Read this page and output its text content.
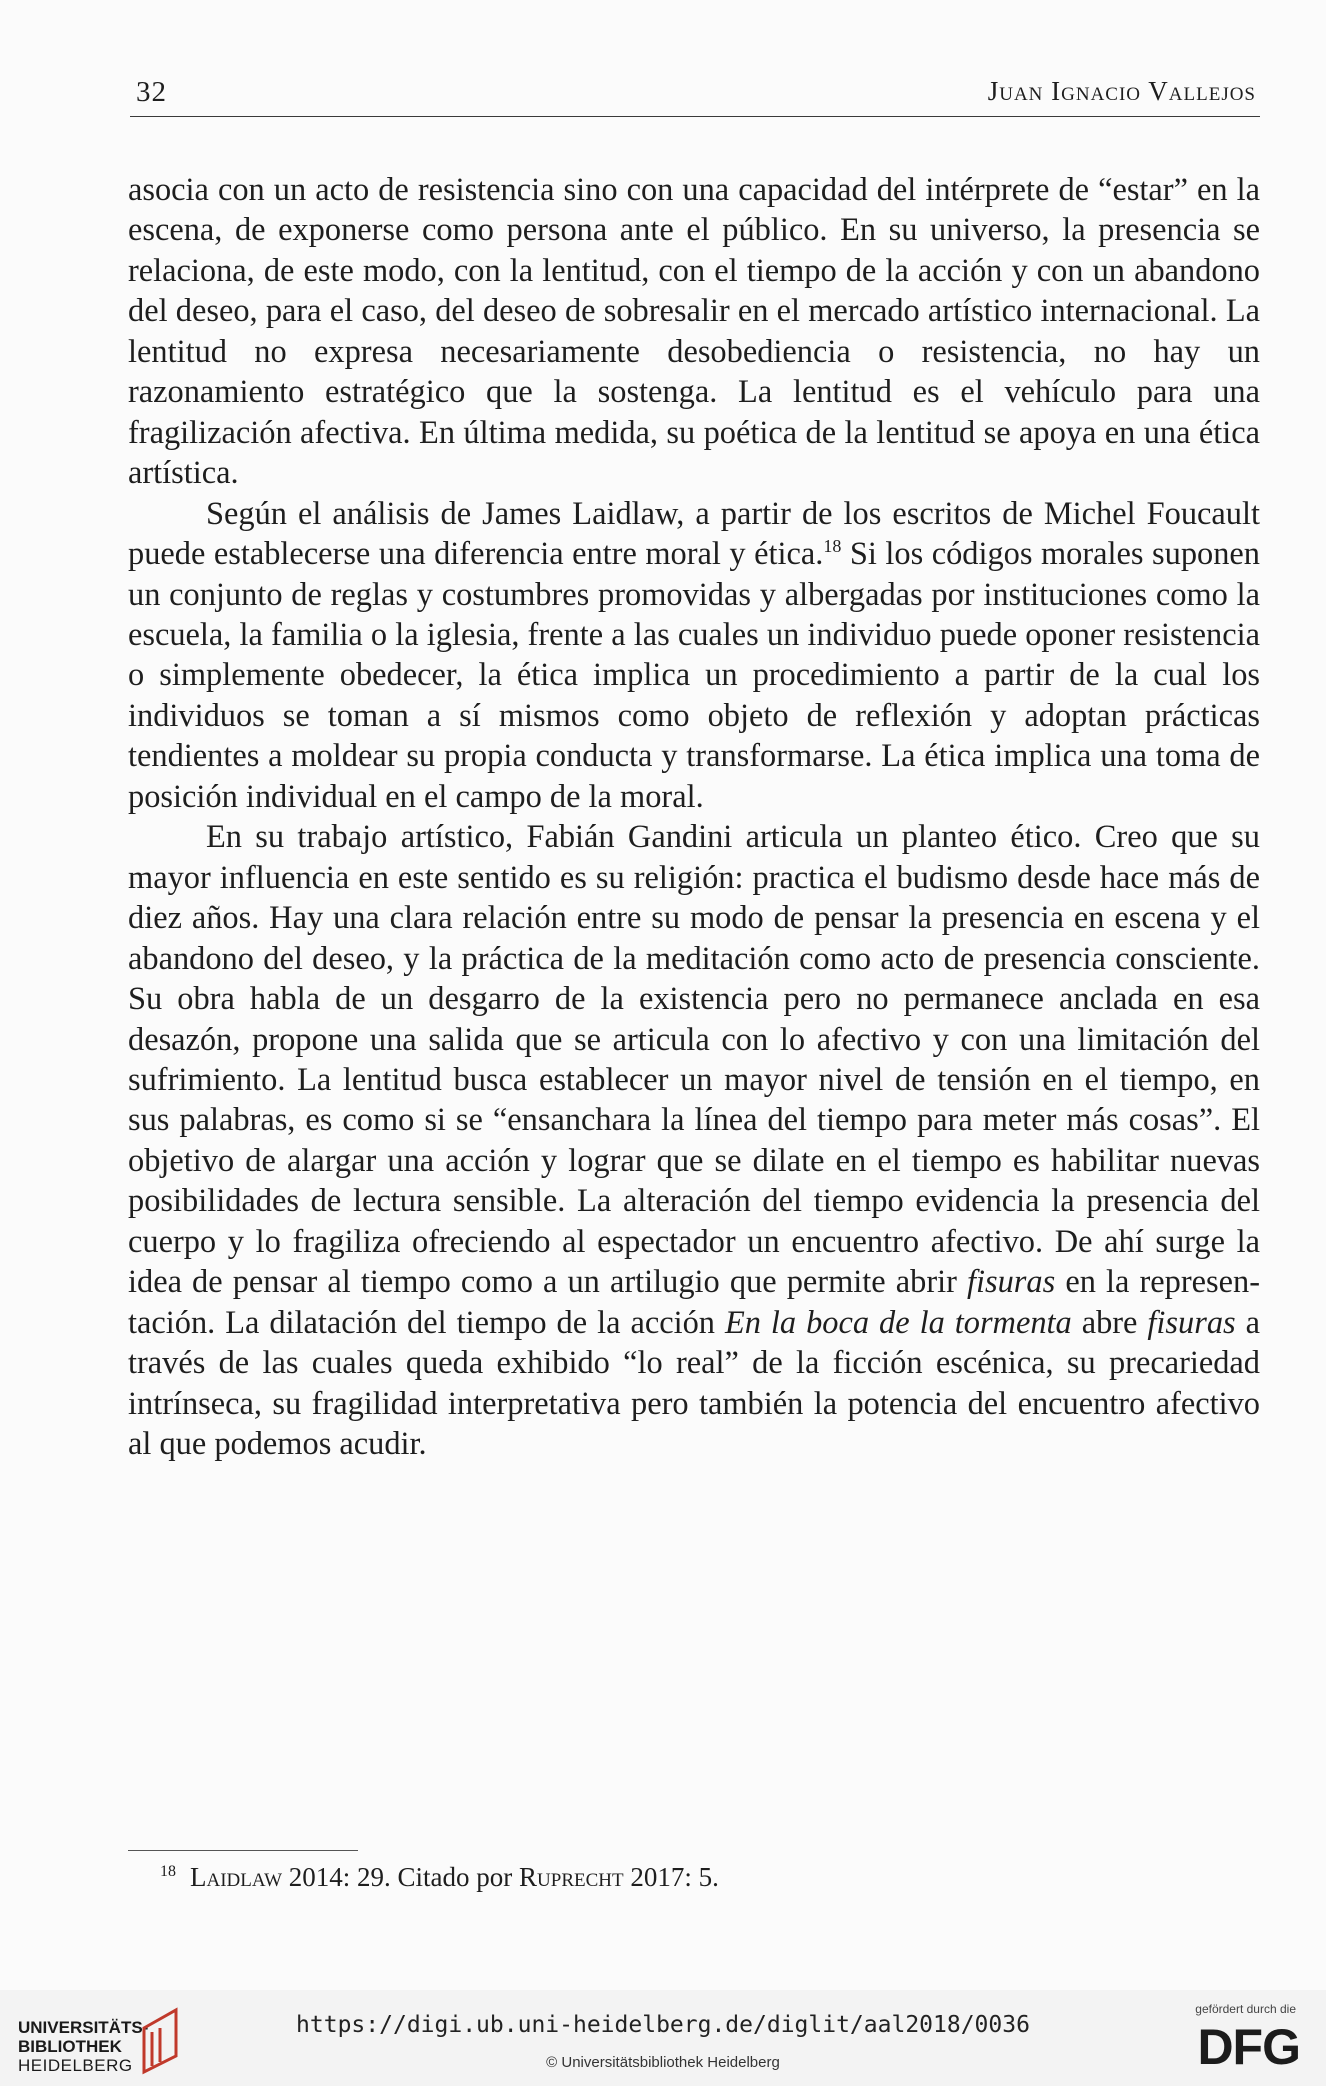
32	Juan Ignacio Vallejos

asocia con un acto de resistencia sino con una capacidad del intérprete de “estar” en la escena, de exponerse como persona ante el público. En su universo, la presencia se relaciona, de este modo, con la lentitud, con el tiempo de la acción y con un abandono del deseo, para el caso, del deseo de sobresalir en el mercado artístico internacional. La lentitud no expresa necesariamente desobediencia o resistencia, no hay un razonamiento estratégico que la sostenga. La lentitud es el vehículo para una fragilización afectiva. En última medida, su poética de la lentitud se apoya en una ética artística.

Según el análisis de James Laidlaw, a partir de los escritos de Michel Foucault puede establecerse una diferencia entre moral y ética.$^{18}$ Si los códigos morales suponen un conjunto de reglas y costumbres promovidas y albergadas por instituciones como la escuela, la familia o la iglesia, frente a las cuales un individuo puede oponer resistencia o simplemente obedecer, la ética implica un procedimiento a partir de la cual los individuos se toman a sí mismos como objeto de reflexión y adoptan prácticas tendientes a moldear su propia conducta y transformarse. La ética implica una toma de posición individual en el campo de la moral.

En su trabajo artístico, Fabián Gandini articula un planteo ético. Creo que su mayor influencia en este sentido es su religión: practica el budismo desde hace más de diez años. Hay una clara relación entre su modo de pensar la presencia en escena y el abandono del deseo, y la práctica de la meditación como acto de presencia consciente. Su obra habla de un desgarro de la existencia pero no permanece anclada en esa desazón, propone una salida que se articula con lo afectivo y con una limitación del sufrimiento. La lentitud busca establecer un mayor nivel de tensión en el tiempo, en sus palabras, es como si se “ensanchara la línea del tiempo para meter más cosas”. El objetivo de alargar una acción y lograr que se dilate en el tiempo es habilitar nuevas posibilidades de lectura sensible. La alteración del tiempo evidencia la presencia del cuerpo y lo fragiliza ofreciendo al espectador un encuentro afectivo. De ahí surge la idea de pensar al tiempo como a un artilugio que permite abrir fisuras en la representación. La dilatación del tiempo de la acción En la boca de la tormenta abre fisuras a través de las cuales queda exhibido “lo real” de la ficción escénica, su precariedad intrínseca, su fragilidad interpretativa pero también la potencia del encuentro afectivo al que podemos acudir.

$^{18}$ Laidlaw 2014: 29. Citado por Ruprecht 2017: 5.
UNIVERSITÄTS-
BIBLIOTHEK
HEIDELBERG
https://digi.ub.uni-heidelberg.de/diglit/aal2018/0036
© Universitätsbibliothek Heidelberg
gefördert durch die
DFG
